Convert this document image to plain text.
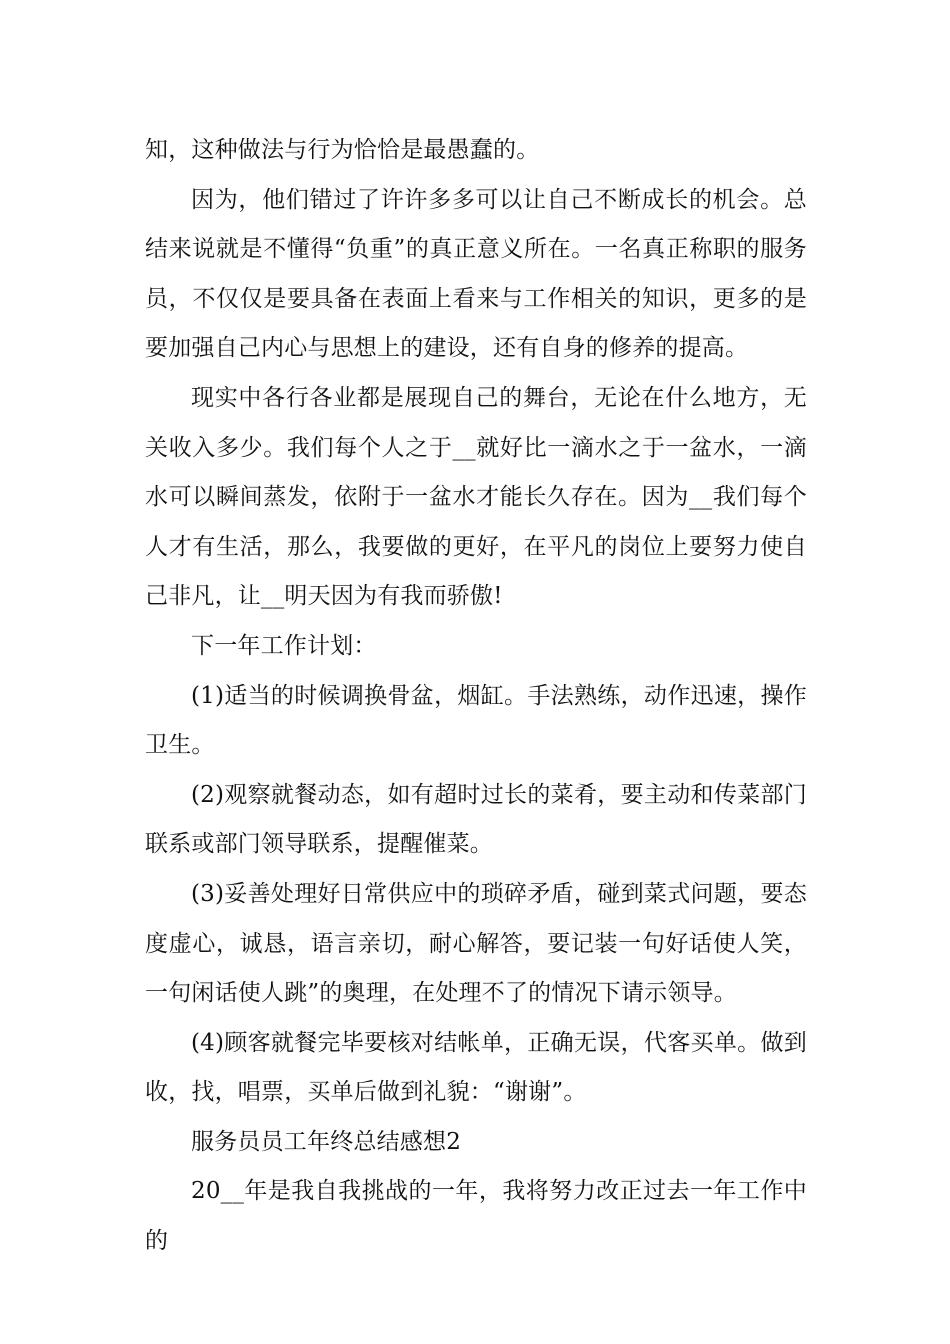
知，这种做法与行为恰恰是最愚蠢的。

因为，他们错过了许许多多可以让自己不断成长的机会。总结来说就是不懂得“负重”的真正意义所在。一名真正称职的服务员，不仅仅是要具备在表面上看来与工作相关的知识，更多的是要加强自己内心与思想上的建设，还有自身的修养的提高。

现实中各行各业都是展现自己的舞台，无论在什么地方，无关收入多少。我们每个人之于__就好比一滴水之于一盆水，一滴水可以瞬间蒸发，依附于一盆水才能长久存在。因为__我们每个人才有生活，那么，我要做的更好，在平凡的岗位上要努力使自己非凡，让__明天因为有我而骄傲!

下一年工作计划：

(1)适当的时候调换骨盆，烟缸。手法熟练，动作迅速，操作卫生。

(2)观察就餐动态，如有超时过长的菜肴，要主动和传菜部门联系或部门领导联系，提醒催菜。

(3)妥善处理好日常供应中的琐碎矛盾，碰到菜式问题，要态度虚心，诚恳，语言亲切，耐心解答，要记装一句好话使人笑，一句闲话使人跳”的奥理，在处理不了的情况下请示领导。

(4)顾客就餐完毕要核对结帐单，正确无误，代客买单。做到收，找，唱票，买单后做到礼貌：“谢谢”。

服务员员工年终总结感想2

20__年是我自我挑战的一年，我将努力改正过去一年工作中的
